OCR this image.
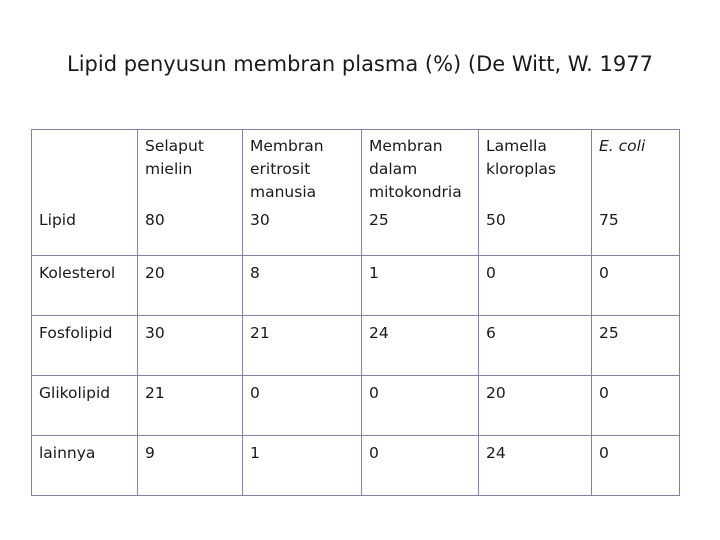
Lipid penyusun membran plasma (%) (De Witt, W. 1977
	Selaput
mielin	Membran
eritrosit
manusia	Membran
dalam
mitokondria	Lamella
kloroplas	E. coli
Lipid	80	30	25	50	75
Kolesterol	20	8	1	0	0
Fosfolipid	30	21	24	6	25
Glikolipid	21	0	0	20	0
lainnya	9	1	0	24	0
